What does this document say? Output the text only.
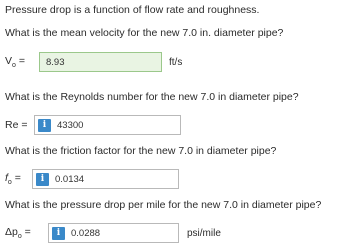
Pressure drop is a function of flow rate and roughness.
What is the mean velocity for the new 7.0 in. diameter pipe?
$V_o$ =	8.93	ft/s
What is the Reynolds number for the new 7.0 in diameter pipe?
Re =	i	43300
What is the friction factor for the new 7.0 in diameter pipe?
$f_o$ =	i	0.0134
What is the pressure drop per mile for the new 7.0 in diameter pipe?
$\Delta p_o$ =	i	0.0288	psi/mile
